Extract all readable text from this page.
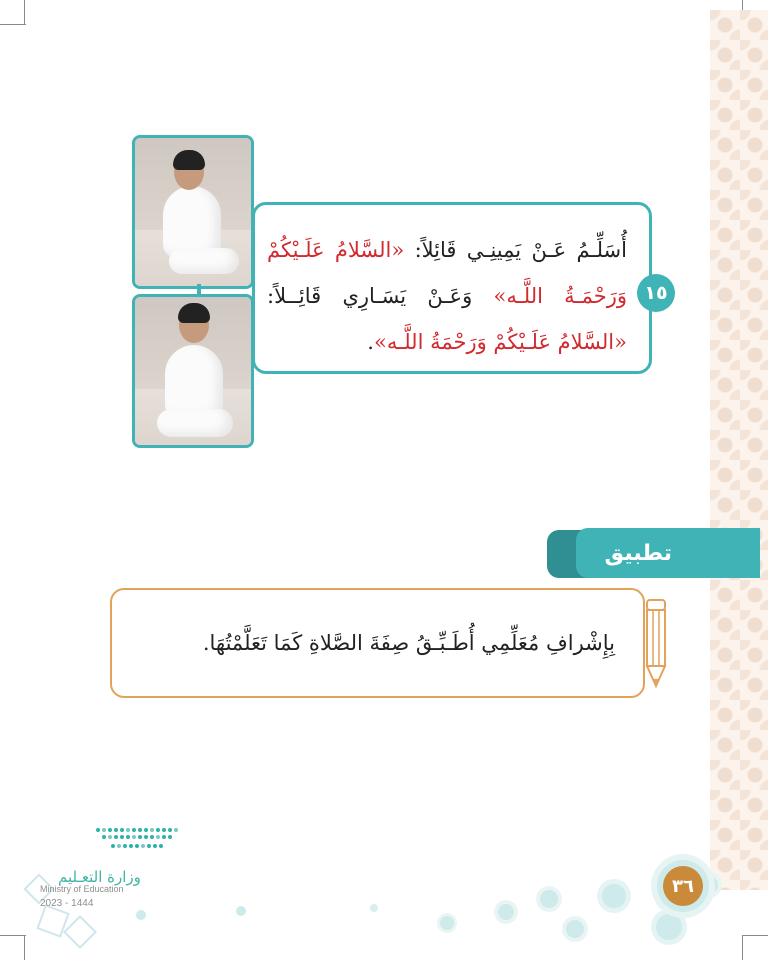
أُسَلِّـمُ عَـنْ يَمِينِـي قَائِلاً: «السَّلامُ عَلَـيْكُمْ
وَرَحْمَـةُ اللَّـه» وَعَـنْ يَسَـارِي قَائِــلاً:
«السَّلامُ عَلَـيْكُمْ وَرَحْمَةُ اللَّـه».
١٥
تطبيق
بِإِشْرافِ مُعَلِّمِي أُطَـبِّـقُ صِفَةَ الصَّلاةِ كَمَا تَعَلَّمْتُهَا.
وزارة التعـليم
Ministry of Education
2023 - 1444
٣٦
